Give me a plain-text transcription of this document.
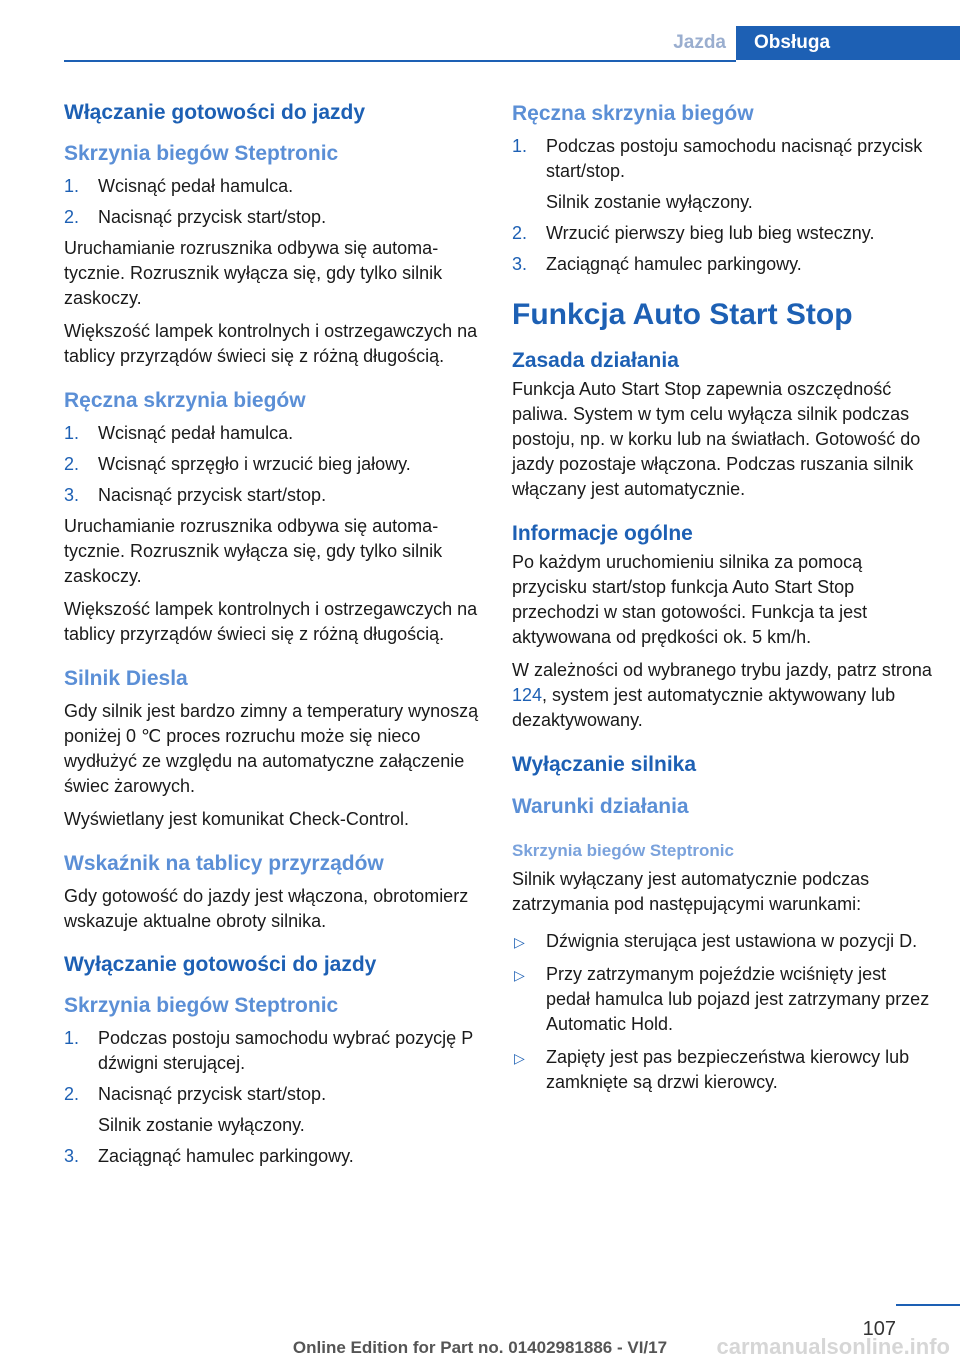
Jazda	Obsługa
Włączanie gotowości do jazdy
Skrzynia biegów Steptronic
1. Wcisnąć pedał hamulca.
2. Nacisnąć przycisk start/stop.

Uruchamianie rozrusznika odbywa się automatycznie. Rozrusznik wyłącza się, gdy tylko silnik zaskoczy.

Większość lampek kontrolnych i ostrzegawczych na tablicy przyrządów świeci się z różną długością.

Ręczna skrzynia biegów
1. Wcisnąć pedał hamulca.
2. Wcisnąć sprzęgło i wrzucić bieg jałowy.
3. Nacisnąć przycisk start/stop.

Uruchamianie rozrusznika odbywa się automatycznie. Rozrusznik wyłącza się, gdy tylko silnik zaskoczy.

Większość lampek kontrolnych i ostrzegawczych na tablicy przyrządów świeci się z różną długością.

Silnik Diesla

Gdy silnik jest bardzo zimny a temperatury wynoszą poniżej 0 ℃ proces rozruchu może się nieco wydłużyć ze względu na automatyczne załączenie świec żarowych.

Wyświetlany jest komunikat Check-Control.

Wskaźnik na tablicy przyrządów

Gdy gotowość do jazdy jest włączona, obrotomierz wskazuje aktualne obroty silnika.

Wyłączanie gotowości do jazdy
Skrzynia biegów Steptronic
1. Podczas postoju samochodu wybrać pozycję P dźwigni sterującej.
2. Nacisnąć przycisk start/stop.
Silnik zostanie wyłączony.
3. Zaciągnąć hamulec parkingowy.
Ręczna skrzynia biegów
1. Podczas postoju samochodu nacisnąć przycisk start/stop.
Silnik zostanie wyłączony.
2. Wrzucić pierwszy bieg lub bieg wsteczny.
3. Zaciągnąć hamulec parkingowy.
Funkcja Auto Start Stop
Zasada działania

Funkcja Auto Start Stop zapewnia oszczędność paliwa. System w tym celu wyłącza silnik podczas postoju, np. w korku lub na światłach. Gotowość do jazdy pozostaje włączona. Podczas ruszania silnik włączany jest automatycznie.

Informacje ogólne

Po każdym uruchomieniu silnika za pomocą przycisku start/stop funkcja Auto Start Stop przechodzi w stan gotowości. Funkcja ta jest aktywowana od prędkości ok. 5 km/h.

W zależności od wybranego trybu jazdy, patrz strona 124, system jest automatycznie aktywowany lub dezaktywowany.

Wyłączanie silnika
Warunki działania
Skrzynia biegów Steptronic

Silnik wyłączany jest automatycznie podczas zatrzymania pod następującymi warunkami:

▷ Dźwignia sterująca jest ustawiona w pozycji D.
▷ Przy zatrzymanym pojeździe wciśnięty jest pedał hamulca lub pojazd jest zatrzymany przez Automatic Hold.
▷ Zapięty jest pas bezpieczeństwa kierowcy lub zamknięte są drzwi kierowcy.
107
Online Edition for Part no. 01402981886 - VI/17	carmanualsonline.info
